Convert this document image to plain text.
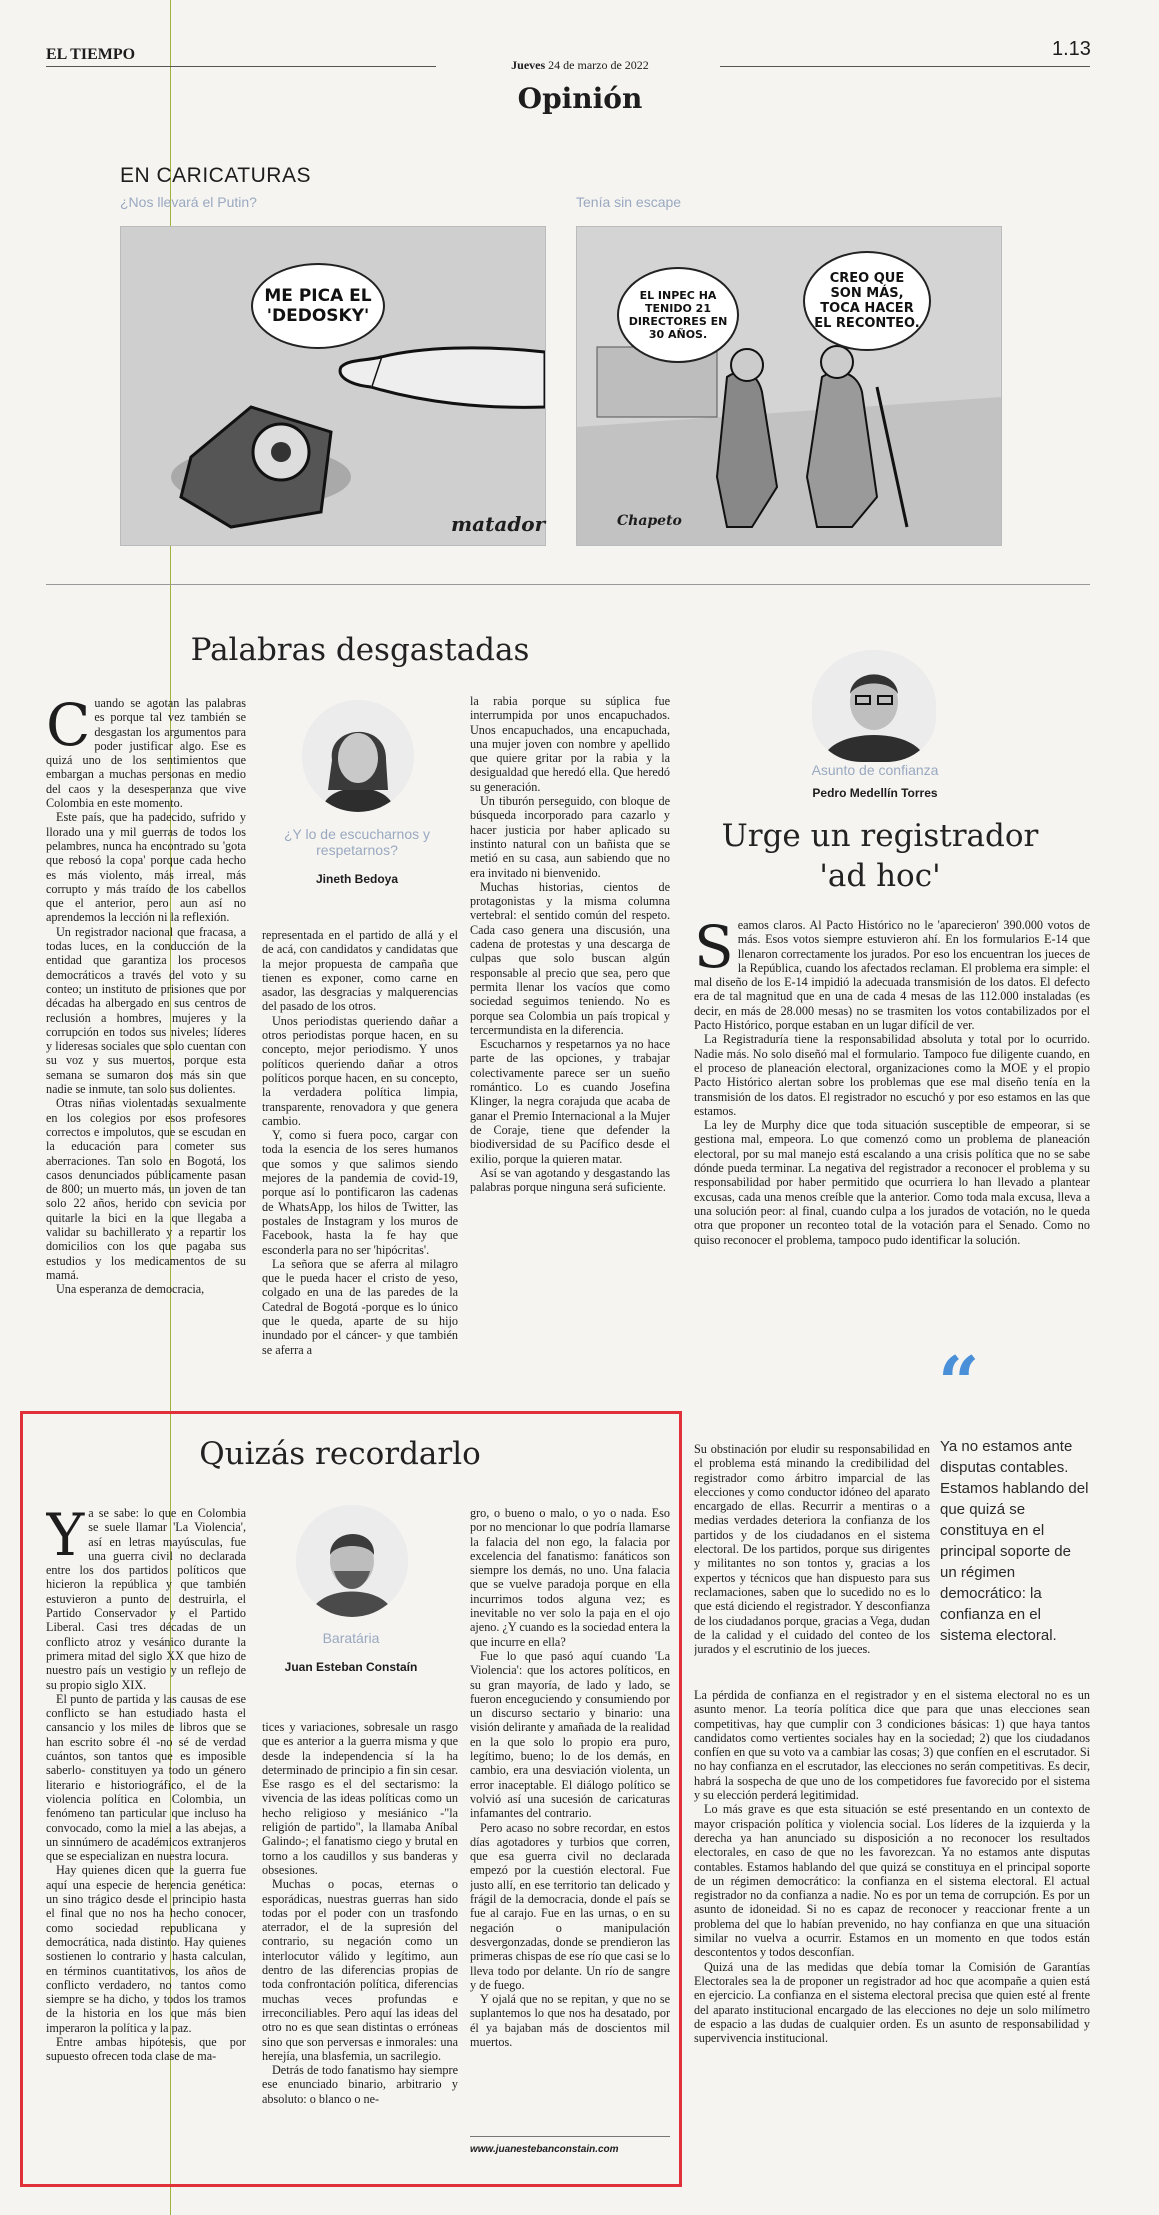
EL TIEMPO	1.13
Jueves 24 de marzo de 2022
Opinión
EN CARICATURAS
¿Nos llevará el Putin?	Tenía sin escape
ME PICA EL 'DEDOSKY'
matador
EL INPEC HA TENIDO 21 DIRECTORES EN 30 AÑOS.
CREO QUE SON MÁS, TOCA HACER EL RECONTEO.
Chapeto
Palabras desgastadas
C uando se agotan las palabras es porque tal vez también se desgastan los argumentos para poder justificar algo. Ese es quizá uno de los sentimientos que embargan a muchas personas en medio del caos y la desesperanza que vive Colombia en este momento.

Este país, que ha padecido, sufrido y llorado una y mil guerras de todos los pelambres, nunca ha encontrado su 'gota que rebosó la copa' porque cada hecho es más violento, más irreal, más corrupto y más traído de los cabellos que el anterior, pero aun así no aprendemos la lección ni la reflexión.

Un registrador nacional que fracasa, a todas luces, en la conducción de la entidad que garantiza los procesos democráticos a través del voto y su conteo; un instituto de prisiones que por décadas ha albergado en sus centros de reclusión a hombres, mujeres y la corrupción en todos sus niveles; líderes y lideresas sociales que solo cuentan con su voz y sus muertos, porque esta semana se sumaron dos más sin que nadie se inmute, tan solo sus dolientes.

Otras niñas violentadas sexualmente en los colegios por esos profesores correctos e impolutos, que se escudan en la educación para cometer sus aberraciones. Tan solo en Bogotá, los casos denunciados públicamente pasan de 800; un muerto más, un joven de tan solo 22 años, herido con sevicia por quitarle la bici en la que llegaba a validar su bachillerato y a repartir los domicilios con los que pagaba sus estudios y los medicamentos de su mamá.

Una esperanza de democracia,

¿Y lo de escucharnos y respetarnos?
Jineth Bedoya

representada en el partido de allá y el de acá, con candidatos y candidatas que la mejor propuesta de campaña que tienen es exponer, como carne en asador, las desgracias y malquerencias del pasado de los otros.

Unos periodistas queriendo dañar a otros periodistas porque hacen, en su concepto, mejor periodismo. Y unos políticos queriendo dañar a otros políticos porque hacen, en su concepto, la verdadera política limpia, transparente, renovadora y que genera cambio.

Y, como si fuera poco, cargar con toda la esencia de los seres humanos que somos y que salimos siendo mejores de la pandemia de covid-19, porque así lo pontificaron las cadenas de WhatsApp, los hilos de Twitter, las postales de Instagram y los muros de Facebook, hasta la fe hay que esconderla para no ser 'hipócritas'.

La señora que se aferra al milagro que le pueda hacer el cristo de yeso, colgado en una de las paredes de la Catedral de Bogotá -porque es lo único que le queda, aparte de su hijo inundado por el cáncer- y que también se aferra a

la rabia porque su súplica fue interrumpida por unos encapuchados. Unos encapuchados, una encapuchada, una mujer joven con nombre y apellido que quiere gritar por la rabia y la desigualdad que heredó ella. Que heredó su generación.

Un tiburón perseguido, con bloque de búsqueda incorporado para cazarlo y hacer justicia por haber aplicado su instinto natural con un bañista que se metió en su casa, aun sabiendo que no era invitado ni bienvenido.

Muchas historias, cientos de protagonistas y la misma columna vertebral: el sentido común del respeto. Cada caso genera una discusión, una cadena de protestas y una descarga de culpas que solo buscan algún responsable al precio que sea, pero que permita llenar los vacíos que como sociedad seguimos teniendo. No es porque sea Colombia un país tropical y tercermundista en la diferencia.

Escucharnos y respetarnos ya no hace parte de las opciones, y trabajar colectivamente parece ser un sueño romántico. Lo es cuando Josefina Klinger, la negra corajuda que acaba de ganar el Premio Internacional a la Mujer de Coraje, tiene que defender la biodiversidad de su Pacífico desde el exilio, porque la quieren matar.

Así se van agotando y desgastando las palabras porque ninguna será suficiente.

Quizás recordarlo
Y a se sabe: lo que en Colombia se suele llamar 'La Violencia', así en letras mayúsculas, fue una guerra civil no declarada entre los dos partidos políticos que hicieron la república y que también estuvieron a punto de destruirla, el Partido Conservador y el Partido Liberal. Casi tres décadas de un conflicto atroz y vesánico durante la primera mitad del siglo XX que hizo de nuestro país un vestigio y un reflejo de su propio siglo XIX.

El punto de partida y las causas de ese conflicto se han estudiado hasta el cansancio y los miles de libros que se han escrito sobre él -no sé de verdad cuántos, son tantos que es imposible saberlo- constituyen ya todo un género literario e historiográfico, el de la violencia política en Colombia, un fenómeno tan particular que incluso ha convocado, como la miel a las abejas, a un sinnúmero de académicos extranjeros que se especializan en nuestra locura.

Hay quienes dicen que la guerra fue aquí una especie de herencia genética: un sino trágico desde el principio hasta el final que no nos ha hecho conocer, como sociedad republicana y democrática, nada distinto. Hay quienes sostienen lo contrario y hasta calculan, en términos cuantitativos, los años de conflicto verdadero, no tantos como siempre se ha dicho, y todos los tramos de la historia en los que más bien imperaron la política y la paz.

Entre ambas hipótesis, que por supuesto ofrecen toda clase de ma-

Baratária
Juan Esteban Constaín

tices y variaciones, sobresale un rasgo que es anterior a la guerra misma y que desde la independencia sí la ha determinado de principio a fin sin cesar. Ese rasgo es el del sectarismo: la vivencia de las ideas políticas como un hecho religioso y mesiánico -"la religión de partido", la llamaba Aníbal Galindo-; el fanatismo ciego y brutal en torno a los caudillos y sus banderas y obsesiones.

Muchas o pocas, eternas o esporádicas, nuestras guerras han sido todas por el poder con un trasfondo aterrador, el de la supresión del contrario, su negación como un interlocutor válido y legítimo, aun dentro de las diferencias propias de toda confrontación política, diferencias muchas veces profundas e irreconciliables. Pero aquí las ideas del otro no es que sean distintas o erróneas sino que son perversas e inmorales: una herejía, una blasfemia, un sacrilegio.

Detrás de todo fanatismo hay siempre ese enunciado binario, arbitrario y absoluto: o blanco o ne-

gro, o bueno o malo, o yo o nada. Eso por no mencionar lo que podría llamarse la falacia del non ego, la falacia por excelencia del fanatismo: fanáticos son siempre los demás, no uno. Una falacia que se vuelve paradoja porque en ella incurrimos todos alguna vez; es inevitable no ver solo la paja en el ojo ajeno. ¿Y cuando es la sociedad entera la que incurre en ella?

Fue lo que pasó aquí cuando 'La Violencia': que los actores políticos, en su gran mayoría, de lado y lado, se fueron enceguciendo y consumiendo por un discurso sectario y binario: una visión delirante y amañada de la realidad en la que solo lo propio era puro, legítimo, bueno; lo de los demás, en cambio, era una desviación violenta, un error inaceptable. El diálogo político se volvió así una sucesión de caricaturas infamantes del contrario.

Pero acaso no sobre recordar, en estos días agotadores y turbios que corren, que esa guerra civil no declarada empezó por la cuestión electoral. Fue justo allí, en ese territorio tan delicado y frágil de la democracia, donde el país se fue al carajo. Fue en las urnas, o en su negación o manipulación desvergonzadas, donde se prendieron las primeras chispas de ese río que casi se lo lleva todo por delante. Un río de sangre y de fuego.

Y ojalá que no se repitan, y que no se suplantemos lo que nos ha desatado, por él ya bajaban más de doscientos mil muertos.

www.juanestebanconstain.com
Asunto de confianza
Pedro Medellín Torres
Urge un registrador 'ad hoc'
S eamos claros. Al Pacto Histórico no le 'aparecieron' 390.000 votos de más. Esos votos siempre estuvieron ahí. En los formularios E-14 que llenaron correctamente los jurados. Por eso los encuentran los jueces de la República, cuando los afectados reclaman. El problema era simple: el mal diseño de los E-14 impidió la adecuada transmisión de los datos. El defecto era de tal magnitud que en una de cada 4 mesas de las 112.000 instaladas (es decir, en más de 28.000 mesas) no se trasmiten los votos contabilizados por el Pacto Histórico, porque estaban en un lugar difícil de ver.

La Registraduría tiene la responsabilidad absoluta y total por lo ocurrido. Nadie más. No solo diseñó mal el formulario. Tampoco fue diligente cuando, en el proceso de planeación electoral, organizaciones como la MOE y el propio Pacto Histórico alertan sobre los problemas que ese mal diseño tenía en la transmisión de los datos. El registrador no escuchó y por eso estamos en las que estamos.

La ley de Murphy dice que toda situación susceptible de empeorar, si se gestiona mal, empeora. Lo que comenzó como un problema de planeación electoral, por su mal manejo está escalando a una crisis política que no se sabe dónde pueda terminar. La negativa del registrador a reconocer el problema y su responsabilidad por haber permitido que ocurriera lo han llevado a plantear excusas, cada una menos creíble que la anterior. Como toda mala excusa, lleva a una solución peor: al final, cuando culpa a los jurados de votación, no le queda otra que proponer un reconteo total de la votación para el Senado. Como no quiso reconocer el problema, tampoco pudo identificar la solución.

Su obstinación por eludir su responsabilidad en el problema está minando la credibilidad del registrador como árbitro imparcial de las elecciones y como conductor idóneo del aparato encargado de ellas. Recurrir a mentiras o a medias verdades deteriora la confianza de los partidos y de los ciudadanos en el sistema electoral. De los partidos, porque sus dirigentes y militantes no son tontos y, gracias a los expertos y técnicos que han dispuesto para sus reclamaciones, saben que lo sucedido no es lo que está diciendo el registrador. Y desconfianza de los ciudadanos porque, gracias a Vega, dudan de la calidad y el cuidado del conteo de los jurados y el escrutinio de los jueces.

“
Ya no estamos ante disputas contables. Estamos hablando del que quizá se constituya en el principal soporte de un régimen democrático: la confianza en el sistema electoral.

La pérdida de confianza en el registrador y en el sistema electoral no es un asunto menor. La teoría política dice que para que unas elecciones sean competitivas, hay que cumplir con 3 condiciones básicas: 1) que haya tantos candidatos como vertientes sociales hay en la sociedad; 2) que los ciudadanos confíen en que su voto va a cambiar las cosas; 3) que confíen en el escrutador. Si no hay confianza en el escrutador, las elecciones no serán competitivas. Es decir, habrá la sospecha de que uno de los competidores fue favorecido por el sistema y su elección perderá legitimidad.

Lo más grave es que esta situación se esté presentando en un contexto de mayor crispación política y violencia social. Los líderes de la izquierda y la derecha ya han anunciado su disposición a no reconocer los resultados electorales, en caso de que no les favorezcan. Ya no estamos ante disputas contables. Estamos hablando del que quizá se constituya en el principal soporte de un régimen democrático: la confianza en el sistema electoral. El actual registrador no da confianza a nadie. No es por un tema de corrupción. Es por un asunto de idoneidad. Si no es capaz de reconocer y reaccionar frente a un problema del que lo habían prevenido, no hay confianza en que una situación similar no vuelva a ocurrir. Estamos en un momento en que todos están descontentos y todos desconfían.

Quizá una de las medidas que debía tomar la Comisión de Garantías Electorales sea la de proponer un registrador ad hoc que acompañe a quien está en ejercicio. La confianza en el sistema electoral precisa que quien esté al frente del aparato institucional encargado de las elecciones no deje un solo milímetro de espacio a las dudas de cualquier orden. Es un asunto de responsabilidad y supervivencia institucional.
